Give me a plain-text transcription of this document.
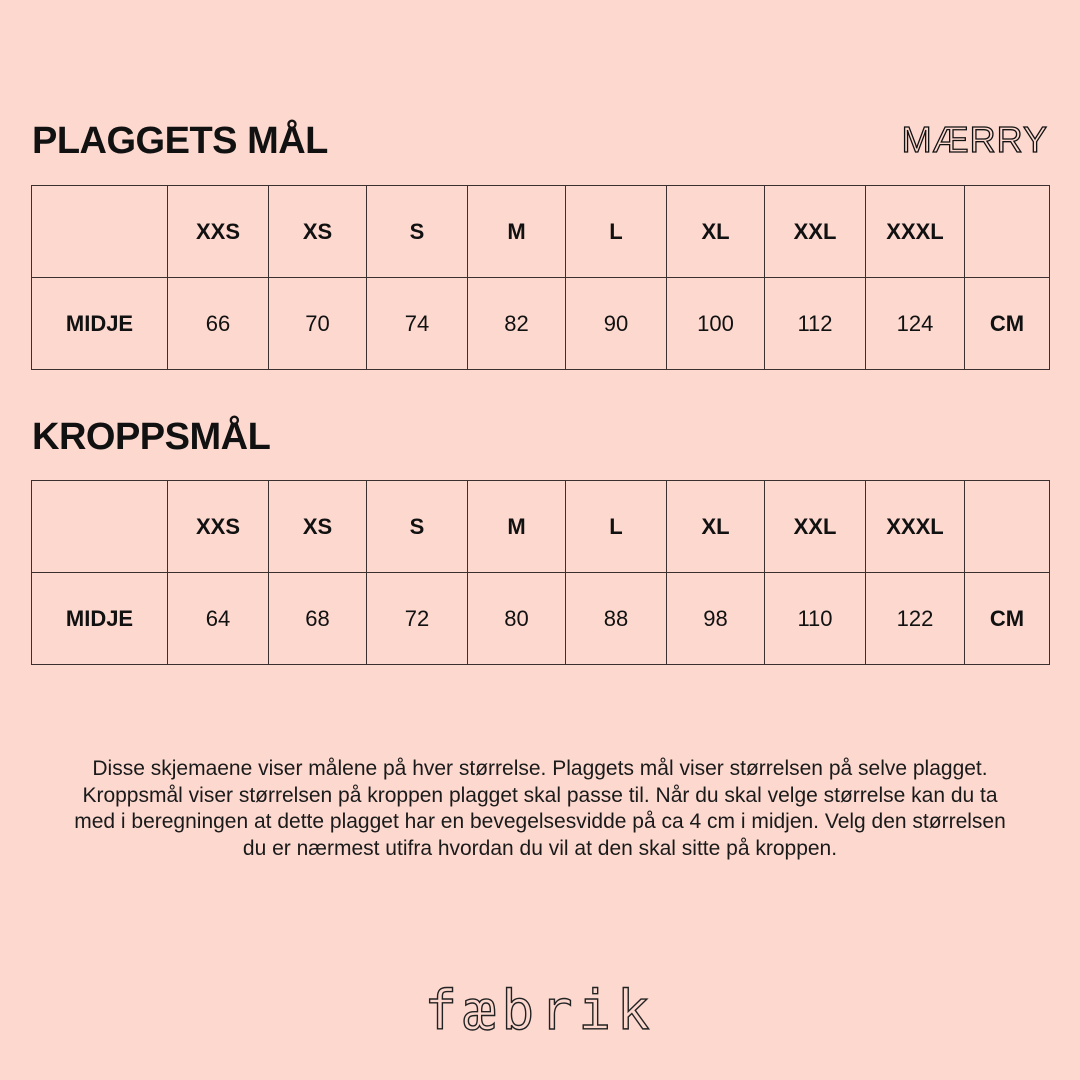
PLAGGETS MÅL	MÆRRY
	XXS	XS	S	M	L	XL	XXL	XXXL	
MIDJE	66	70	74	82	90	100	112	124	CM
KROPPSMÅL
	XXS	XS	S	M	L	XL	XXL	XXXL	
MIDJE	64	68	72	80	88	98	110	122	CM

Disse skjemaene viser målene på hver størrelse. Plaggets mål viser størrelsen på selve plagget. Kroppsmål viser størrelsen på kroppen plagget skal passe til. Når du skal velge størrelse kan du ta med i beregningen at dette plagget har en bevegelsesvidde på ca 4 cm i midjen. Velg den størrelsen du er nærmest utifra hvordan du vil at den skal sitte på kroppen.

fæbrik
